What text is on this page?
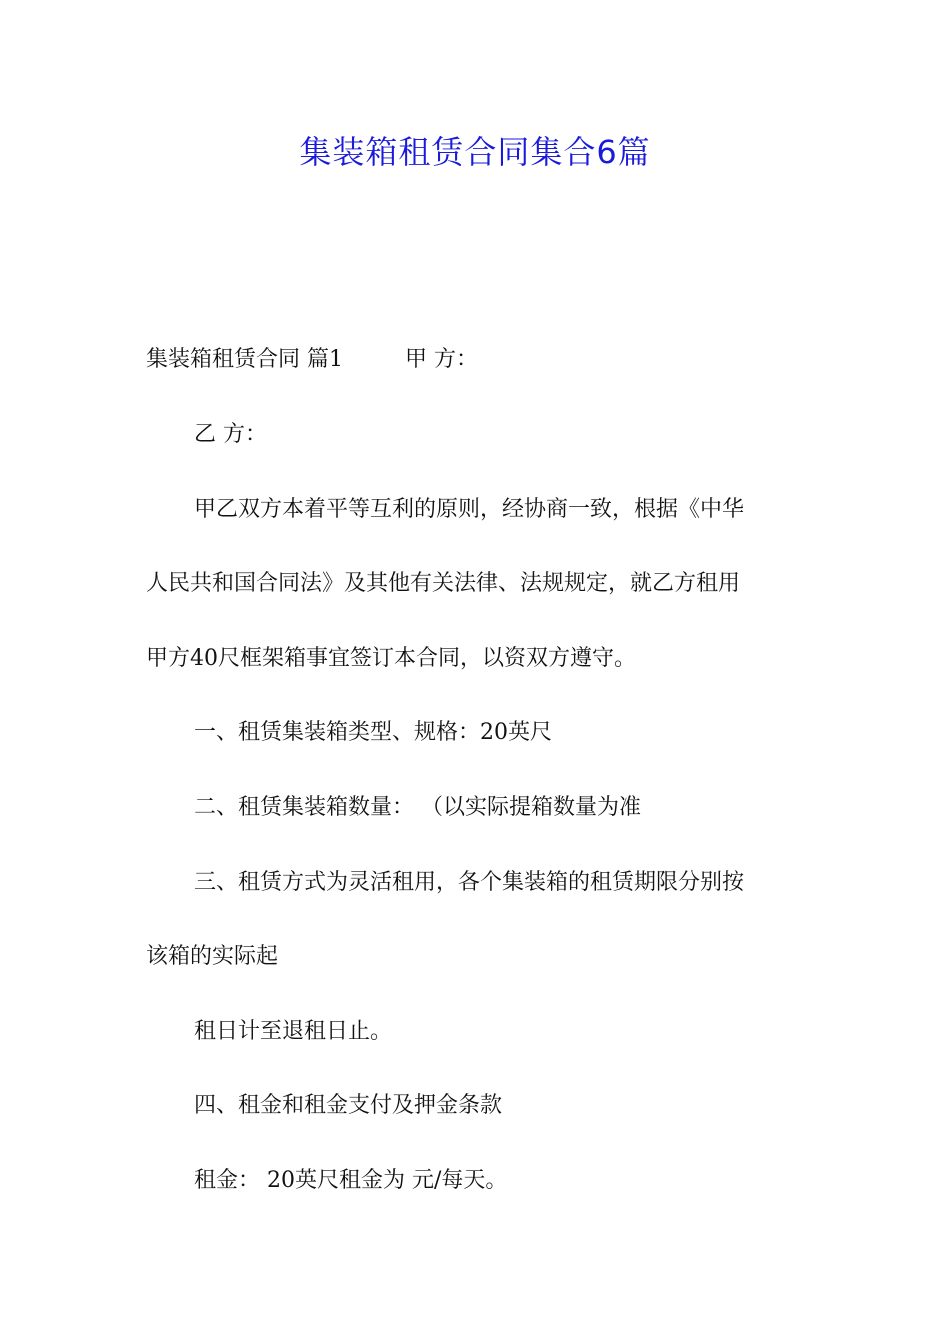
集装箱租赁合同集合6篇

集装箱租赁合同 篇1	甲 方：

乙 方：

甲乙双方本着平等互利的原则，经协商一致，根据《中华

人民共和国合同法》及其他有关法律、法规规定，就乙方租用

甲方40尺框架箱事宜签订本合同，以资双方遵守。

一、租赁集装箱类型、规格：20英尺

二、租赁集装箱数量： （以实际提箱数量为准

三、租赁方式为灵活租用，各个集装箱的租赁期限分别按

该箱的实际起

租日计至退租日止。

四、租金和租金支付及押金条款

租金： 20英尺租金为 元/每天。
